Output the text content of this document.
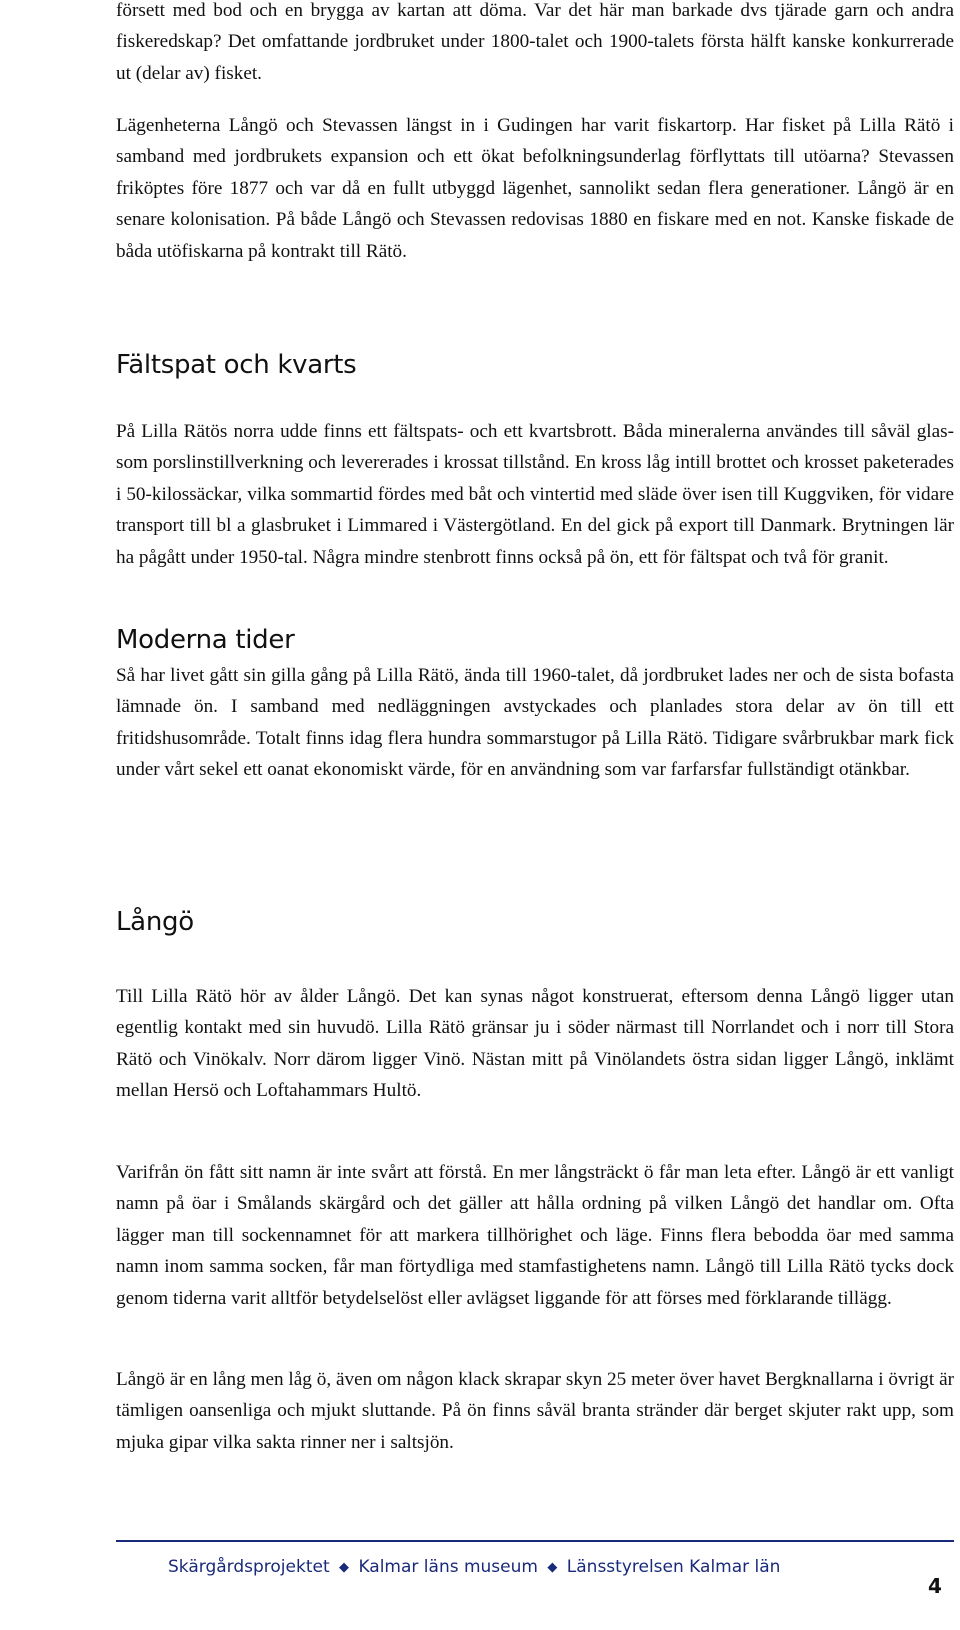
försett med bod och en brygga av kartan att döma. Var det här man barkade dvs tjärade garn och andra fiskeredskap? Det omfattande jordbruket under 1800-talet och 1900-talets första hälft kanske konkurrerade ut (delar av) fisket.

Lägenheterna Långö och Stevassen längst in i Gudingen har varit fiskartorp. Har fisket på Lilla Rätö i samband med jordbrukets expansion och ett ökat befolkningsunderlag förflyttats till utöarna? Stevassen friköptes före 1877 och var då en fullt utbyggd lägenhet, sannolikt sedan flera generationer. Långö är en senare kolonisation. På både Långö och Stevassen redovisas 1880 en fiskare med en not. Kanske fiskade de båda utöfiskarna på kontrakt till Rätö.

Fältspat och kvarts

På Lilla Rätös norra udde finns ett fältspats- och ett kvartsbrott. Båda mineralerna användes till såväl glas- som porslinstillverkning och levererades i krossat tillstånd. En kross låg intill brottet och krosset paketerades i 50-kilossäckar, vilka sommartid fördes med båt och vintertid med släde över isen till Kuggviken, för vidare transport till bl a glasbruket i Limmared i Västergötland. En del gick på export till Danmark. Brytningen lär ha pågått under 1950-tal. Några mindre stenbrott finns också på ön, ett för fältspat och två för granit.

Moderna tider

Så har livet gått sin gilla gång på Lilla Rätö, ända till 1960-talet, då jordbruket lades ner och de sista bofasta lämnade ön. I samband med nedläggningen avstyckades och planlades stora delar av ön till ett fritidshusområde. Totalt finns idag flera hundra sommarstugor på Lilla Rätö. Tidigare svårbrukbar mark fick under vårt sekel ett oanat ekonomiskt värde, för en användning som var farfarsfar fullständigt otänkbar.

Långö

Till Lilla Rätö hör av ålder Långö. Det kan synas något konstruerat, eftersom denna Långö ligger utan egentlig kontakt med sin huvudö. Lilla Rätö gränsar ju i söder närmast till Norrlandet och i norr till Stora Rätö och Vinökalv. Norr därom ligger Vinö. Nästan mitt på Vinölandets östra sidan ligger Långö, inklämt mellan Hersö och Loftahammars Hultö.

Varifrån ön fått sitt namn är inte svårt att förstå. En mer långsträckt ö får man leta efter. Långö är ett vanligt namn på öar i Smålands skärgård och det gäller att hålla ordning på vilken Långö det handlar om. Ofta lägger man till sockennamnet för att markera tillhörighet och läge. Finns flera bebodda öar med samma namn inom samma socken, får man förtydliga med stamfastighetens namn. Långö till Lilla Rätö tycks dock genom tiderna varit alltför betydelselöst eller avlägset liggande för att förses med förklarande tillägg.

Långö är en lång men låg ö, även om någon klack skrapar skyn 25 meter över havet Bergknallarna i övrigt är tämligen oansenliga och mjukt sluttande. På ön finns såväl branta stränder där berget skjuter rakt upp, som mjuka gipar vilka sakta rinner ner i saltsjön.

Skärgårdsprojektet ◆ Kalmar läns museum ◆ Länsstyrelsen Kalmar län
4
